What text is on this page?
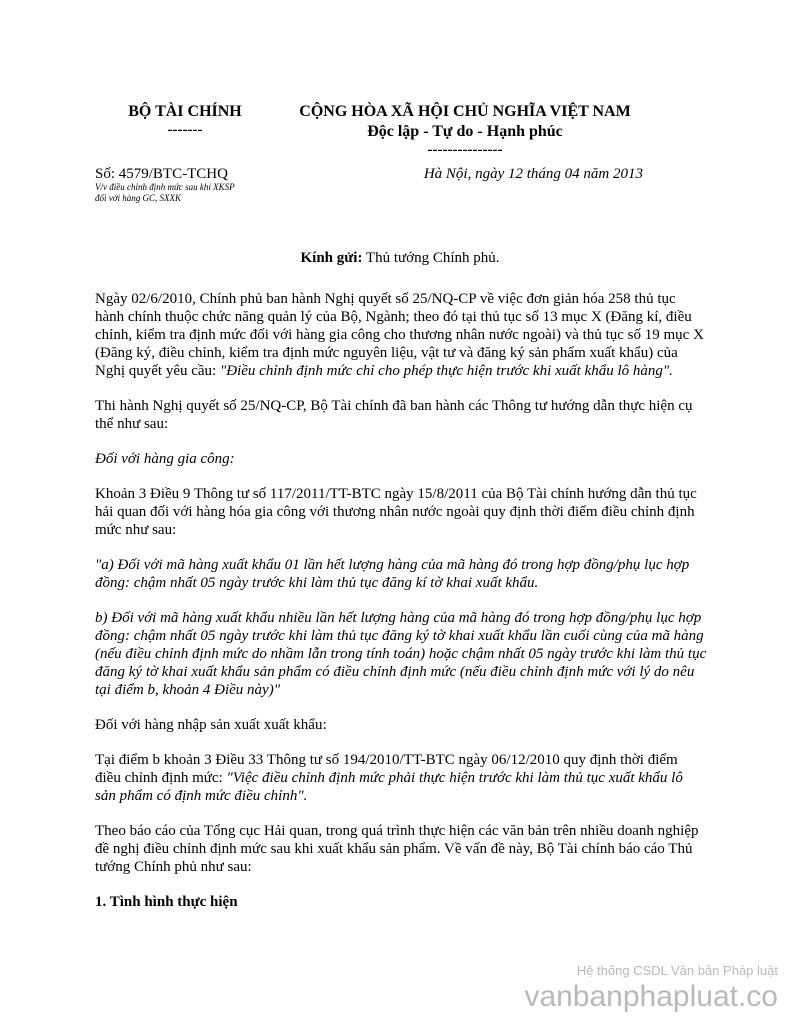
BỘ TÀI CHÍNH
-------
CỘNG HÒA XÃ HỘI CHỦ NGHĨA VIỆT NAM
Độc lập - Tự do - Hạnh phúc
---------------
Số: 4579/BTC-TCHQ	Hà Nội, ngày 12 tháng 04 năm 2013
V/v điều chỉnh định mức sau khi XKSP
đối với hàng GC, SXXK
Kính gửi: Thủ tướng Chính phủ.

Ngày 02/6/2010, Chính phủ ban hành Nghị quyết số 25/NQ-CP về việc đơn giản hóa 258 thủ tục hành chính thuộc chức năng quản lý của Bộ, Ngành; theo đó tại thủ tục số 13 mục X (Đăng kí, điều chỉnh, kiểm tra định mức đối với hàng gia công cho thương nhân nước ngoài) và thủ tục số 19 mục X (Đăng ký, điều chỉnh, kiểm tra định mức nguyên liệu, vật tư và đăng ký sản phẩm xuất khẩu) của Nghị quyết yêu cầu: "Điều chỉnh định mức chỉ cho phép thực hiện trước khi xuất khẩu lô hàng".

Thi hành Nghị quyết số 25/NQ-CP, Bộ Tài chính đã ban hành các Thông tư hướng dẫn thực hiện cụ thể như sau:

Đối với hàng gia công:

Khoản 3 Điều 9 Thông tư số 117/2011/TT-BTC ngày 15/8/2011 của Bộ Tài chính hướng dẫn thủ tục hải quan đối với hàng hóa gia công với thương nhân nước ngoài quy định thời điểm điều chỉnh định mức như sau:

"a) Đối với mã hàng xuất khẩu 01 lần hết lượng hàng của mã hàng đó trong hợp đồng/phụ lục hợp đồng: chậm nhất 05 ngày trước khi làm thủ tục đăng kí tờ khai xuất khẩu.

b) Đối với mã hàng xuất khẩu nhiều lần hết lượng hàng của mã hàng đó trong hợp đồng/phụ lục hợp đồng: chậm nhất 05 ngày trước khi làm thủ tục đăng ký tờ khai xuất khẩu lần cuối cùng của mã hàng (nếu điều chỉnh định mức do nhầm lẫn trong tính toán) hoặc chậm nhất 05 ngày trước khi làm thủ tục đăng ký tờ khai xuất khẩu sản phẩm có điều chỉnh định mức (nếu điều chỉnh định mức với lý do nêu tại điểm b, khoản 4 Điều này)"

Đối với hàng nhập sản xuất xuất khẩu:

Tại điểm b khoản 3 Điều 33 Thông tư số 194/2010/TT-BTC ngày 06/12/2010 quy định thời điểm điều chỉnh định mức: "Việc điều chỉnh định mức phải thực hiện trước khi làm thủ tục xuất khẩu lô sản phẩm có định mức điều chỉnh".

Theo báo cáo của Tổng cục Hải quan, trong quá trình thực hiện các văn bản trên nhiều doanh nghiệp đề nghị điều chỉnh định mức sau khi xuất khẩu sản phẩm. Về vấn đề này, Bộ Tài chính báo cáo Thủ tướng Chính phủ như sau:

1. Tình hình thực hiện

Hệ thống CSDL Văn bản Pháp luật
vanbanphapluat.co
